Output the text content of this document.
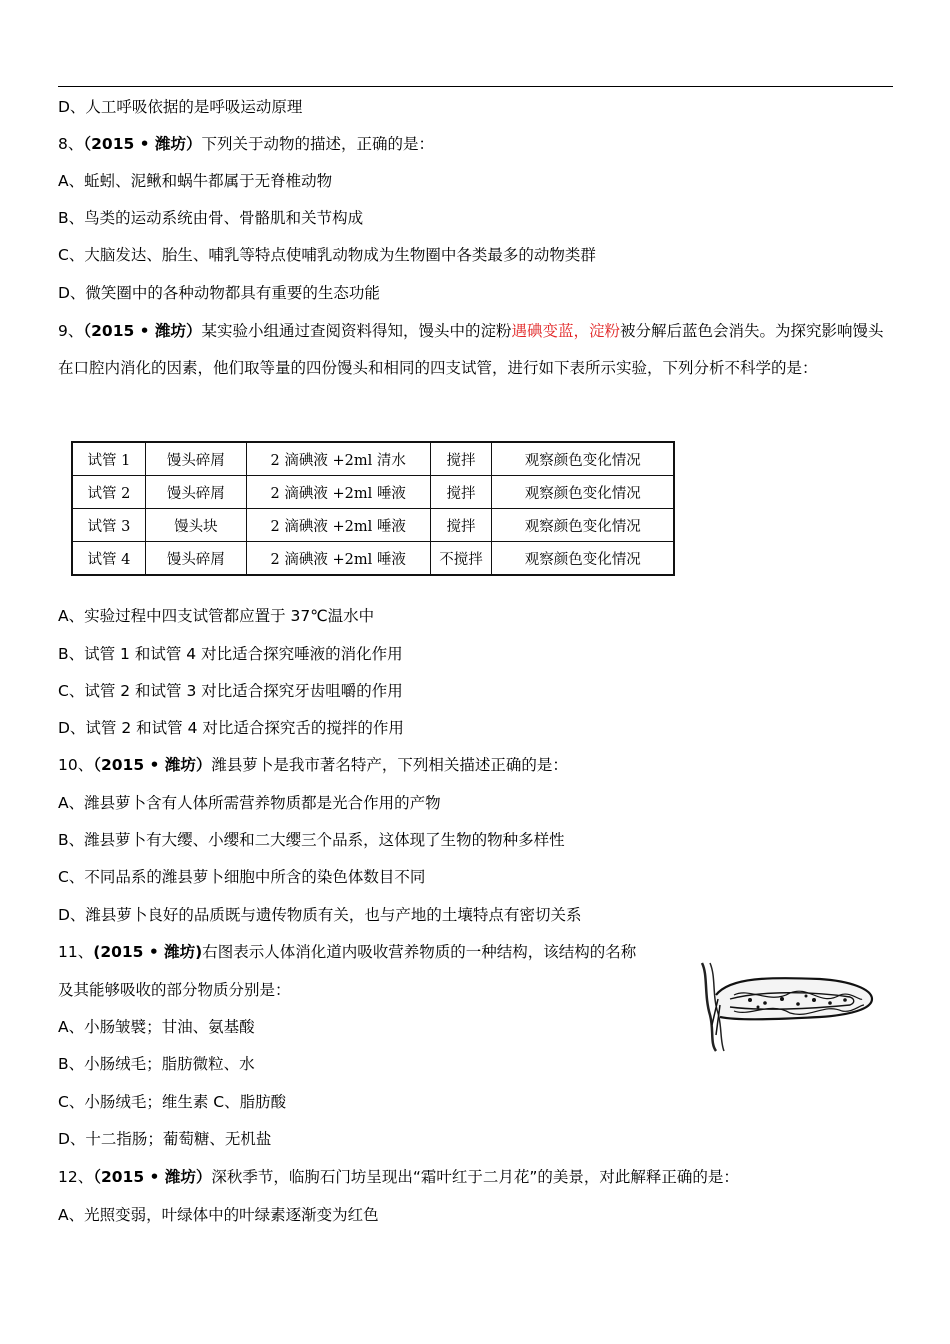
D、人工呼吸依据的是呼吸运动原理
8、（2015 • 潍坊）下列关于动物的描述，正确的是：
A、蚯蚓、泥鳅和蜗牛都属于无脊椎动物
B、鸟类的运动系统由骨、骨骼肌和关节构成
C、大脑发达、胎生、哺乳等特点使哺乳动物成为生物圈中各类最多的动物类群
D、微笑圈中的各种动物都具有重要的生态功能
9、（2015 • 潍坊）某实验小组通过查阅资料得知，馒头中的淀粉遇碘变蓝，淀粉被分解后蓝色会消失。为探究影响馒头在口腔内消化的因素，他们取等量的四份馒头和相同的四支试管，进行如下表所示实验，下列分析不科学的是：
试管 1	馒头碎屑	2 滴碘液 +2ml 清水	搅拌	观察颜色变化情况
试管 2	馒头碎屑	2 滴碘液 +2ml 唾液	搅拌	观察颜色变化情况
试管 3	馒头块	2 滴碘液 +2ml 唾液	搅拌	观察颜色变化情况
试管 4	馒头碎屑	2 滴碘液 +2ml 唾液	不搅拌	观察颜色变化情况
A、实验过程中四支试管都应置于 37℃温水中
B、试管 1 和试管 4 对比适合探究唾液的消化作用
C、试管 2 和试管 3 对比适合探究牙齿咀嚼的作用
D、试管 2 和试管 4 对比适合探究舌的搅拌的作用
10、（2015 • 潍坊）潍县萝卜是我市著名特产，下列相关描述正确的是：
A、潍县萝卜含有人体所需营养物质都是光合作用的产物
B、潍县萝卜有大缨、小缨和二大缨三个品系，这体现了生物的物种多样性
C、不同品系的潍县萝卜细胞中所含的染色体数目不同
D、潍县萝卜良好的品质既与遗传物质有关，也与产地的土壤特点有密切关系
11、(2015 • 潍坊)右图表示人体消化道内吸收营养物质的一种结构，该结构的名称
及其能够吸收的部分物质分别是：
A、小肠皱襞；甘油、氨基酸
B、小肠绒毛；脂肪微粒、水
C、小肠绒毛；维生素 C、脂肪酸
D、十二指肠；葡萄糖、无机盐
12、（2015 • 潍坊）深秋季节，临朐石门坊呈现出“霜叶红于二月花”的美景，对此解释正确的是：
A、光照变弱，叶绿体中的叶绿素逐渐变为红色
